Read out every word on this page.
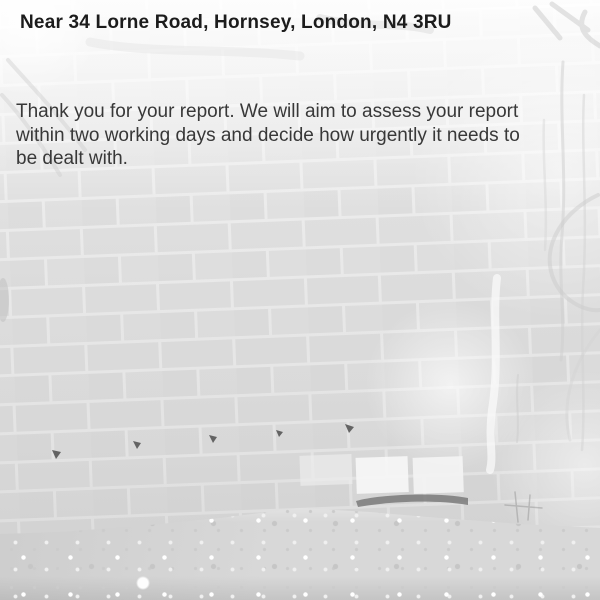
Near 34 Lorne Road, Hornsey, London, N4 3RU
Thank you for your report. We will aim to assess your report
within two working days and decide how urgently it needs to
be dealt with.
